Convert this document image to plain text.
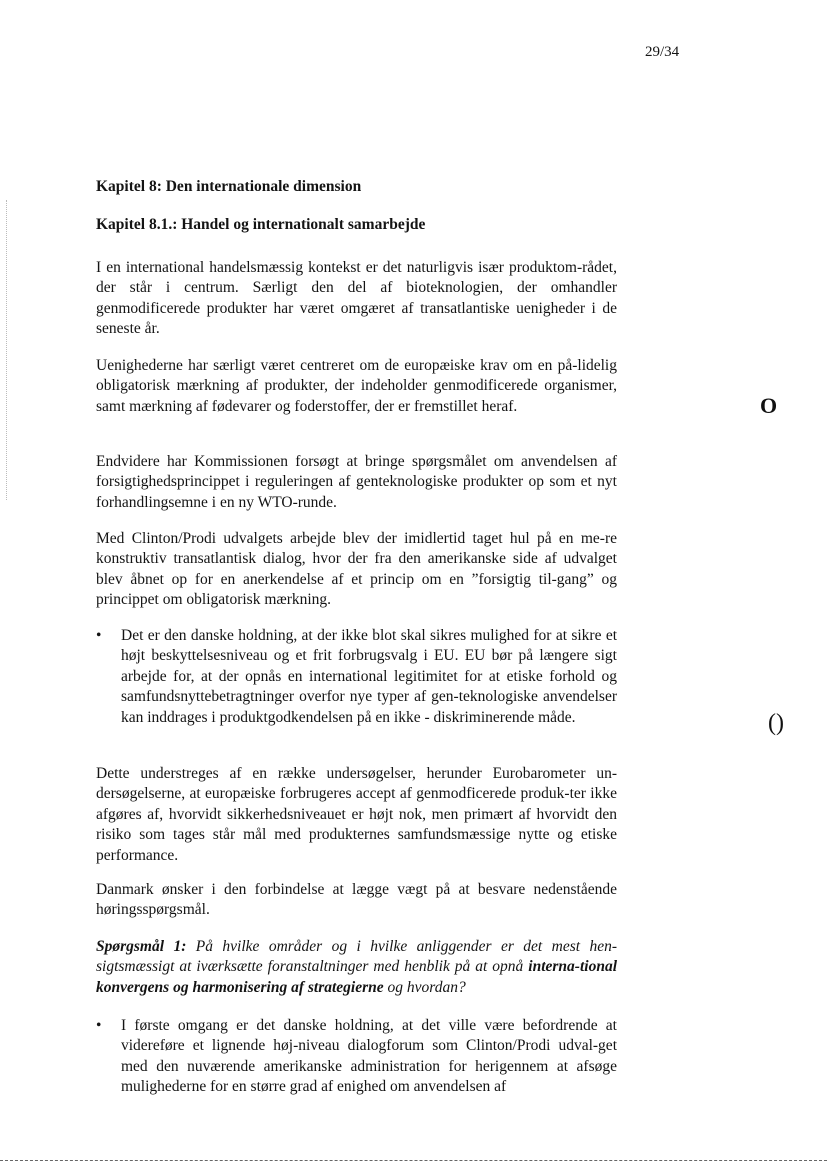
29/34
Kapitel 8: Den internationale dimension
Kapitel 8.1.: Handel og internationalt samarbejde

I en international handelsmæssig kontekst er det naturligvis især produktom-rådet, der står i centrum. Særligt den del af bioteknologien, der omhandler genmodificerede produkter har været omgæret af transatlantiske uenigheder i de seneste år.

Uenighederne har særligt været centreret om de europæiske krav om en på-lidelig obligatorisk mærkning af produkter, der indeholder genmodificerede organismer, samt mærkning af fødevarer og foderstoffer, der er fremstillet heraf.

Endvidere har Kommissionen forsøgt at bringe spørgsmålet om anvendelsen af forsigtighedsprincippet i reguleringen af genteknologiske produkter op som et nyt forhandlingsemne i en ny WTO-runde.

Med Clinton/Prodi udvalgets arbejde blev der imidlertid taget hul på en me-re konstruktiv transatlantisk dialog, hvor der fra den amerikanske side af udvalget blev åbnet op for en anerkendelse af et princip om en ”forsigtig til-gang” og princippet om obligatorisk mærkning.

•	Det er den danske holdning, at der ikke blot skal sikres mulighed for at sikre et højt beskyttelsesniveau og et frit forbrugsvalg i EU. EU bør på længere sigt arbejde for, at der opnås en international legitimitet for at etiske forhold og samfundsnyttebetragtninger overfor nye typer af gen-teknologiske anvendelser kan inddrages i produktgodkendelsen på en ikke - diskriminerende måde.

Dette understreges af en række undersøgelser, herunder Eurobarometer un-dersøgelserne, at europæiske forbrugeres accept af genmodficerede produk-ter ikke afgøres af, hvorvidt sikkerhedsniveauet er højt nok, men primært af hvorvidt den risiko som tages står mål med produkternes samfundsmæssige nytte og etiske performance.

Danmark ønsker i den forbindelse at lægge vægt på at besvare nedenstående høringsspørgsmål.

Spørgsmål 1: På hvilke områder og i hvilke anliggender er det mest hen-sigtsmæssigt at iværksætte foranstaltninger med henblik på at opnå interna-tional konvergens og harmonisering af strategierne og hvordan?

•	I første omgang er det danske holdning, at det ville være befordrende at videreføre et lignende høj-niveau dialogforum som Clinton/Prodi udval-get med den nuværende amerikanske administration for herigennem at afsøge mulighederne for en større grad af enighed om anvendelsen af
O
()
